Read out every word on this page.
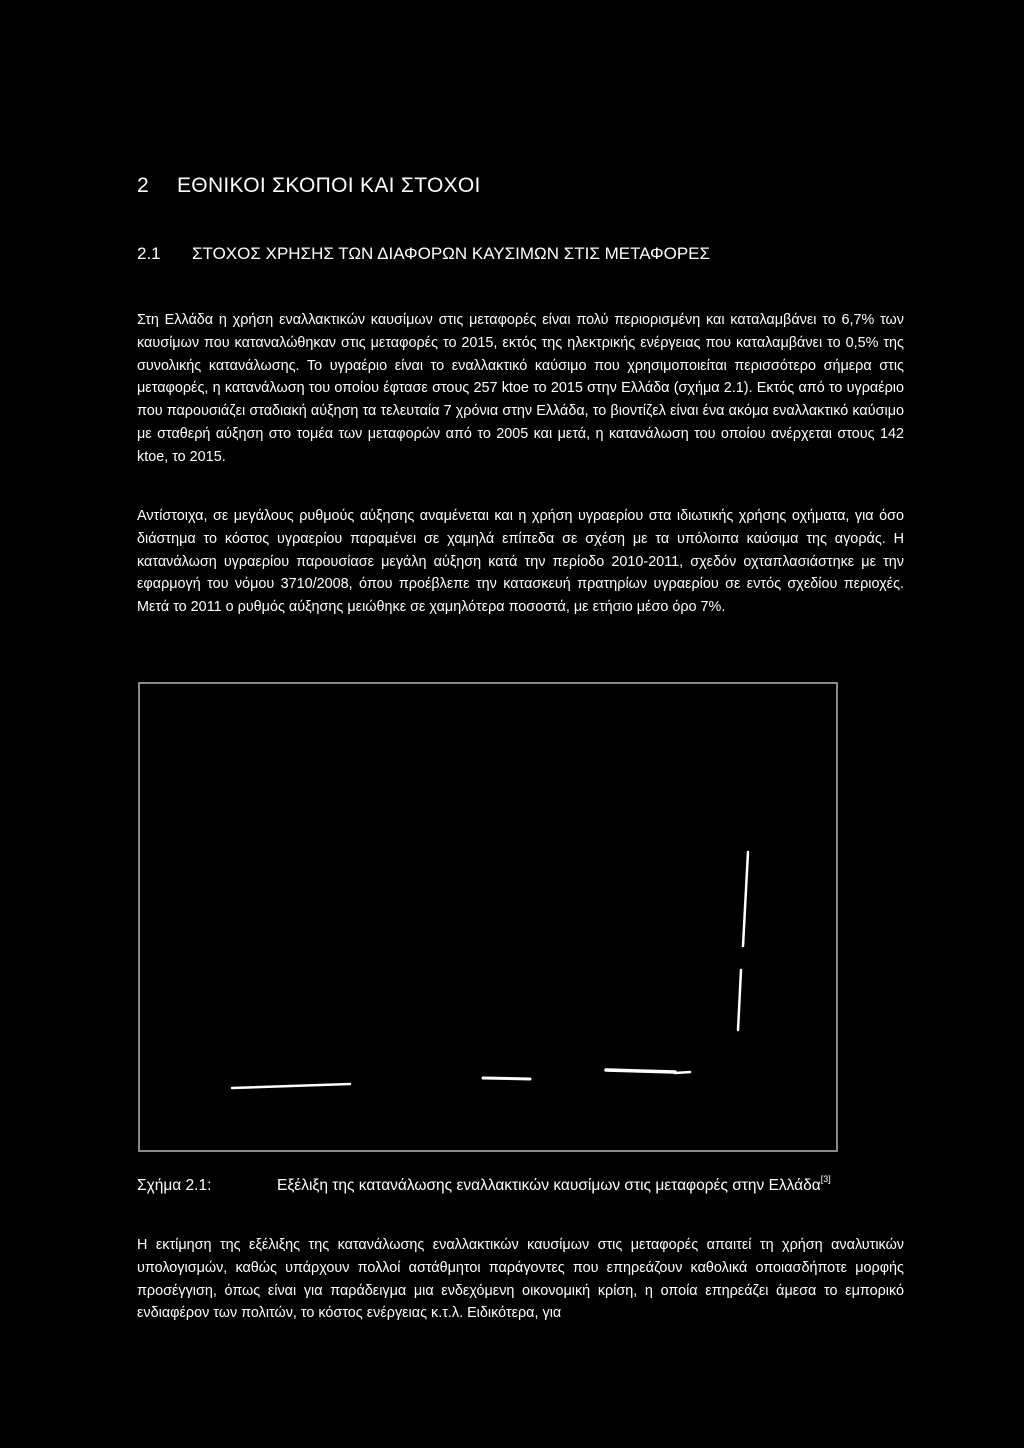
2 ΕΘΝΙΚΟΙ ΣΚΟΠΟΙ ΚΑΙ ΣΤΟΧΟΙ
2.1 ΣΤΟΧΟΣ ΧΡΗΣΗΣ ΤΩΝ ΔΙΑΦΟΡΩΝ ΚΑΥΣΙΜΩΝ ΣΤΙΣ ΜΕΤΑΦΟΡΕΣ
Στη Ελλάδα η χρήση εναλλακτικών καυσίμων στις μεταφορές είναι πολύ περιορισμένη και καταλαμβάνει το 6,7% των καυσίμων που καταναλώθηκαν στις μεταφορές το 2015, εκτός της ηλεκτρικής ενέργειας που καταλαμβάνει το 0,5% της συνολικής κατανάλωσης. Το υγραέριο είναι το εναλλακτικό καύσιμο που χρησιμοποιείται περισσότερο σήμερα στις μεταφορές, η κατανάλωση του οποίου έφτασε στους 257 ktoe το 2015 στην Ελλάδα (σχήμα 2.1). Εκτός από το υγραέριο που παρουσιάζει σταδιακή αύξηση τα τελευταία 7 χρόνια στην Ελλάδα, το βιοντίζελ είναι ένα ακόμα εναλλακτικό καύσιμο με σταθερή αύξηση στο τομέα των μεταφορών από το 2005 και μετά, η κατανάλωση του οποίου ανέρχεται στους 142 ktoe, το 2015.
Αντίστοιχα, σε μεγάλους ρυθμούς αύξησης αναμένεται και η χρήση υγραερίου στα ιδιωτικής χρήσης οχήματα, για όσο διάστημα το κόστος υγραερίου παραμένει σε χαμηλά επίπεδα σε σχέση με τα υπόλοιπα καύσιμα της αγοράς. Η κατανάλωση υγραερίου παρουσίασε μεγάλη αύξηση κατά την περίοδο 2010-2011, σχεδόν οχταπλασιάστηκε με την εφαρμογή του νόμου 3710/2008, όπου προέβλεπε την κατασκευή πρατηρίων υγραερίου σε εντός σχεδίου περιοχές. Μετά το 2011 ο ρυθμός αύξησης μειώθηκε σε χαμηλότερα ποσοστά, με ετήσιο μέσο όρο 7%.
Σχήμα 2.1:	Εξέλιξη της κατανάλωσης εναλλακτικών καυσίμων στις μεταφορές στην Ελλάδα[3]
Η εκτίμηση της εξέλιξης της κατανάλωσης εναλλακτικών καυσίμων στις μεταφορές απαιτεί τη χρήση αναλυτικών υπολογισμών, καθώς υπάρχουν πολλοί αστάθμητοι παράγοντες που επηρεάζουν καθολικά οποιασδήποτε μορφής προσέγγιση, όπως είναι για παράδειγμα μια ενδεχόμενη οικονομική κρίση, η οποία επηρεάζει άμεσα το εμπορικό ενδιαφέρον των πολιτών, το κόστος ενέργειας κ.τ.λ. Ειδικότερα, για
